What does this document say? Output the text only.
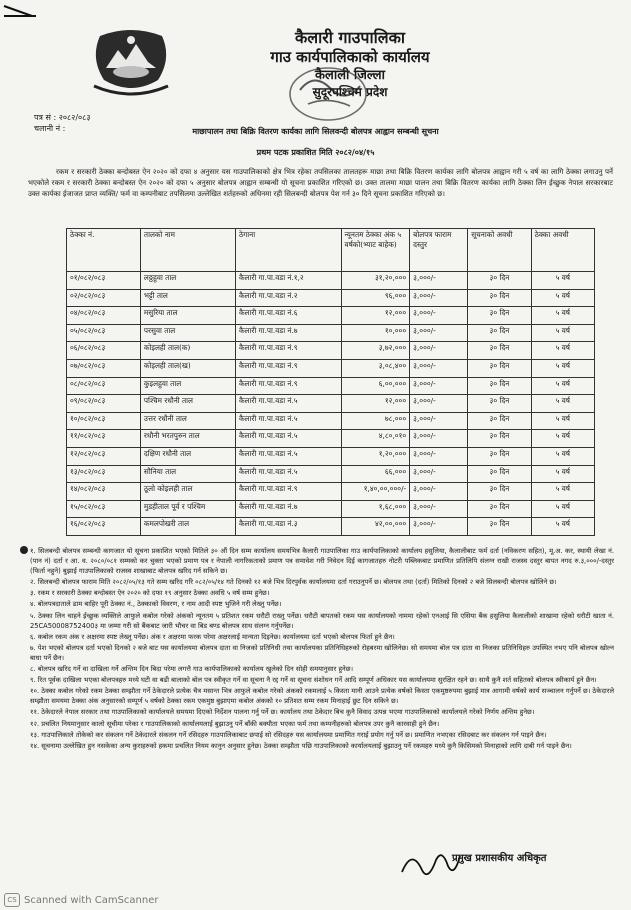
कैलारी गाउपालिका
गाउ कार्यपालिकाको कार्यालय
कैलाली जिल्ला
सुदूरपश्चिम प्रदेश
पत्र सं : २०८२/०८३
चलानी नं :	माछापालन तथा बिक्रि वितरण कार्यका लागि सिलवन्दी बोलपत्र आह्वान सम्बन्धी सूचना
प्रथम पटक प्रकाशित मिति २०८२/०४/१५
रकम र सरकारी ठेक्का बन्दोबस्त ऐन २०२० को दफा ४ अनुसार यस गाउपालिकाको क्षेत्र भित्र रहेका तपसिलका तालतहरू माछा तथा बिक्रि वितरण कार्यका लागि बोलपत्र आह्वान गरी ५ वर्ष का लागि ठेक्का लगाउनु पर्ने भएकोले रकम र सरकारी ठेक्का बन्दोबस्त ऐन २०२० को दफा ५ अनुसार बोलपत्र आह्वान सम्बन्धी यो सूचना प्रकाशित गरिएको छ। उक्त तालमा माछा पालन तथा बिक्रि वितरण कार्यका लागि ठेक्का लिन ईच्छुक नेपाल सरकारबाट उक्त कार्यका ईजाजत प्राप्त व्यक्ति/ फर्म वा कम्पनीबाट तपसिलमा उल्लेखित शर्तहरुको अधिनमा रही सिलबन्दी बोलपत्र पेश गर्न ३० दिने सूचना प्रकाशित गरिएको छ।
ठेक्का नं.	तालको नाम	ठेगाना	न्यूनतम ठेक्का अंक ५ वर्षको(भ्याट बाहेक)	बोलपत्र फाराम दस्तुर	सूचनाको अवधी	ठेक्का अवधी
०१/०८२/०८३	लठ्ठहुवा ताल	कैलारी गा.पा.वडा नं.१,२	३१,२०,०००	३,०००/-	३० दिन	५ वर्ष
०२/०८२/०८३	भट्टी ताल	कैलारी गा.पा.वडा नं.२	९६,०००	३,०००/-	३० दिन	५ वर्ष
०४/०८२/०८३	मसुरिया ताल	कैलारी गा.पा.वडा नं.६	१२,०००	३,०००/-	३० दिन	५ वर्ष
०५/०८२/०८३	परसुवा ताल	कैलारी गा.पा.वडा नं.७	१०,०००	३,०००/-	३० दिन	५ वर्ष
०६/०८२/०८३	कोइलही ताल(क)	कैलारी गा.पा.वडा नं.९	३,७२,०००	३,०००/-	३० दिन	५ वर्ष
०७/०८२/०८३	कोइलही ताल(ख)	कैलारी गा.पा.वडा नं.९	३,०८,४००	३,०००/-	३० दिन	५ वर्ष
०८/०८२/०८३	कुइलहुवा ताल	कैलारी गा.पा.वडा नं.९	६,००,०००	३,०००/-	३० दिन	५ वर्ष
०९/०८२/०८३	पश्चिम रधौनी ताल	कैलारी गा.पा.वडा नं.५	१२,०००	३,०००/-	३० दिन	५ वर्ष
१०/०८२/०८३	उत्तर रधौनी ताल	कैलारी गा.पा.वडा नं.५	७८,०००	३,०००/-	३० दिन	५ वर्ष
११/०८२/०८३	रधौनी भरतपुरुन ताल	कैलारी गा.पा.वडा नं.५	४,८०,०१०	३,०००/-	३० दिन	५ वर्ष
१२/०८२/०८३	दक्षिण रधौनी ताल	कैलारी गा.पा.वडा नं.५	१,२०,०००	३,०००/-	३० दिन	५ वर्ष
१३/०८२/०८३	सौनिया ताल	कैलारी गा.पा.वडा नं.५	६६,०००	३,०००/-	३० दिन	५ वर्ष
१४/०८२/०८३	ठूलो कोइलही ताल	कैलारी गा.पा.वडा नं.९	१,४०,००,०००/-	३,०००/-	३० दिन	५ वर्ष
१५/०८२/०८३	मुडहीताल पूर्व र पश्चिम	कैलारी गा.पा.वडा नं.७	१,६८,०००	३,०००/-	३० दिन	५ वर्ष
१६/०८२/०८३	कमलपोखरी ताल	कैलारी गा.पा.वडा नं.३	४२,००,०००	३,०००/-	३० दिन	५ वर्ष

१. सिलबन्दी बोलपत्र सम्बन्धी कागजात यो सूचना प्रकाशित भएको मितिले ३० औं दिन सम्म कार्यालय समयभित्र कैलारी गाउपालिका गाउ कार्यपालिकाको कार्यालय हसुलिया, कैलालीबाट फर्म दर्ता (नविकरण सहित), मू.अ. कर, स्थायी लेखा नं.(पान नं) दर्ता र आ. व. २०८०/०८१ सम्मको कर चुक्ता भएको प्रमाण पत्र र नेपाली नागरिकताको प्रमाण पत्र समावेश गरी निवेदन दिई कागजातहरु नोटरी पब्लिकबाट प्रमाणित प्रतिलिपि संलग्न राखी राजस्व दस्तुर बापत नगद रु.३,०००/-दस्तुर (फिर्ता नहुने) बुझाई गाउपालिकाको राजस्व शाखाबाट बोलपत्र खरिद गर्न सकिने छ।

२. सिलबन्दी बोलपत्र फाराम मिति २०८२/०५/१३ गते सम्म खरिद गरि ०८२/०५/१४ गते दिनको १२ बजे भित्र दिरपुर्वक कार्यालयमा दर्ता गराउनुपर्ने छ। बोलपत्र तथा (दर्ता) मितिको दिनको २ बजे सिलबन्दी बोलपत्र खोलिने छ।

३. रकम र सरकारी ठेक्का बन्दोबस्त ऐन २०२० को दफा १९ अनुसार ठेक्का अवधि ५ वर्ष सम्म हुनेछ।

४. बोलपत्रदाताले ढाम बाहिर पूरी ठेक्का नं., ठेक्काको विवरण, र नाम आदी स्पष्ट भुजिने गरी लेख्नु पर्नेछ।

५. ठेक्का लिन चाहने ईच्छुक व्यक्तिले आफुले कबोल गरेको अंकको न्यूनतम ५ प्रतिशत रकम धरौटी राख्नु पर्नेछ। धरौटी बापतको रकम यस कार्यालयको नाममा रहेको एनआई सि एसिया बैंक हसुलिया कैलालीको शाखामा रहेको धरौटी खाता नं. 25CA50008752400३ मा जम्मा गरी सो बैंकबाट जारी भौचर वा बिड बण्ड बोलपत्र साथ संलग्न गर्नुपर्नेछ।

६. कबोल रकम अंक र अक्षरमा स्पष्ट लेख्नु पर्नेछ। अंक र अक्षरमा फरक परेमा अक्षरलाई मान्यता दिइनेछ। कार्यालयमा दर्ता भएको बोलपत्र फिर्ता हुने छैन।

७. पेश भएको बोलपत्र दर्ता भएको दिनको २ बजे बाट यस कार्यालयमा बोलपत्र दाता वा निजको प्रतिनिधी तथा कार्यालयका प्रतिनिधिहरुको रोहबरमा खोलिनेछ। सो समयमा बोल पत्र दाता वा निजका प्रतिनिधिहरु उपस्थित नभए पनि बोलपत्र खोल्न बाधा पर्ने छैन।

८. बोलपत्र खरिद गर्ने वा दाखिला गर्ने अन्तिम दिन बिदा परेमा लगत्तै गाउ कार्यपालिकाको कार्यालय खुलेको दिन सोही समयानुसार हुनेछ।

९. रित पूर्वक दाखिला भएका बोलपत्रहरु मध्ये घटी वा बढी बालाको बोल पत्र स्वीकृत गर्ने वा सूचना नै रद्द गर्ने वा सूचना संशोधन गर्ने आदि सम्पूर्ण अधिकार यस कार्यालयमा सुरक्षित रहने छ। साथै कुनै शर्त सहितको बोलपत्र स्वीकार्य हुने छैन।

१०. ठेक्का कबोल गरेको रकम ठेक्का सम्झौता गर्ने ठेकेदारले प्रत्येक चैत्र मसान्त भित्र आफुले कबोल गरेको अंकको रकमलाई ५ किस्ता मानी आउने प्रत्येक वर्षको किस्ता एकमुष्ठरुपमा बुझाई मात्र आगामी वर्षको कार्य सञ्चालन गर्नुपर्ने छ। ठेकेदारले सम्झौता समयमा ठेक्का अंक अनुसारको सम्पूर्ण ५ वर्षको ठेक्का रकम एकमुष्ठ बुझाएमा कबोल अंकको १० प्रतिशत सम्म रकम मिनाहाई छुट दिन सकिने छ।

११. ठेकेदारले नेपाल सरकार तथा गाउपालिकाको कार्यालयले समयमा दिएको निर्देशन पालना गर्नु पर्ने छ। कार्यालय तथा ठेकेदार बिच कुनै विवाद उत्पन्न भएमा गाउपालिकाको कार्यालयले गरेको निर्णय अन्तिम हुनेछ।

१२. प्रचलित नियमानुसार कालो सूचीमा परेका र गाउपालिकाको कार्यालयलाई बुझाउनु पर्ने बाँकी बक्यौता भएका फर्म तथा कम्पनीहरुको बोलपत्र उपर कुनै कारवाही हुने छैन।

१३. गाउपालिकाले तोकेको कर संकलन गर्ने ठेकेदारले संकलन गर्ने रसिदहरु गाउपालिकाबाट छपाई सो रसिदहरु यस कार्यालयमा प्रमाणित गराई प्रयोग गर्नु पर्ने छ। प्रमाणित नभएका रसिदबाट कर संकलन गर्न पाइने छैन।

१४. सूचनामा उल्लेखित हुन नसकेका अन्य कुराहरुको हकमा प्रचलित नियम कानुन अनुसार हुनेछ। ठेक्का सम्झौता पछि गाउपालिकाको कार्यालयलाई बुझाउनु पर्ने रकमहरु मध्ये कुनै किसिमको मिनाहाको लागि दाबी गर्न पाइने छैन।

प्रमुख प्रशासकीय अधिकृत
CS Scanned with CamScanner
